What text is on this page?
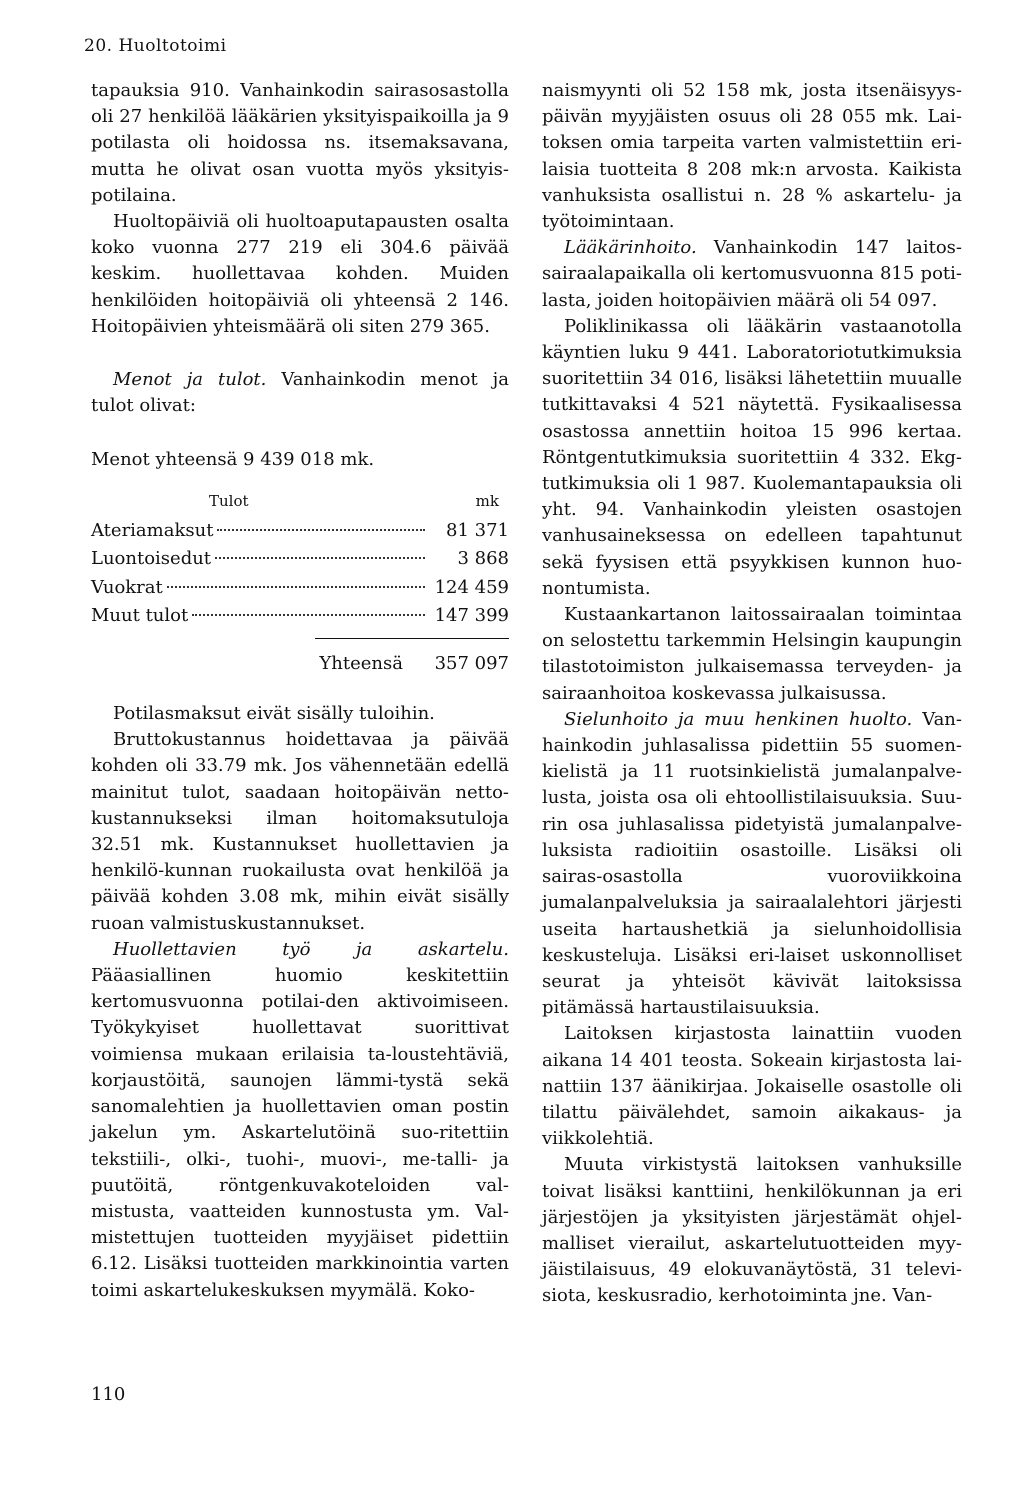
20. Huoltotoimi

tapauksia 910. Vanhainkodin sairasosastolla oli 27 henkilöä lääkärien yksityispaikoilla ja 9 potilasta oli hoidossa ns. itsemaksavana, mutta he olivat osan vuotta myös yksityis-potilaina.

Huoltopäiviä oli huoltoaputapausten osalta koko vuonna 277 219 eli 304.6 päivää keskim. huollettavaa kohden. Muiden henkilöiden hoitopäiviä oli yhteensä 2 146. Hoitopäivien yhteismäärä oli siten 279 365.

Menot ja tulot. Vanhainkodin menot ja tulot olivat:

Menot yhteensä 9 439 018 mk.

Tulot	mk
Ateriamaksut	81 371
Luontoisedut	3 868
Vuokrat	124 459
Muut tulot	147 399
Yhteensä	357 097

Potilasmaksut eivät sisälly tuloihin.

Bruttokustannus hoidettavaa ja päivää kohden oli 33.79 mk. Jos vähennetään edellä mainitut tulot, saadaan hoitopäivän netto-kustannukseksi ilman hoitomaksutuloja 32.51 mk. Kustannukset huollettavien ja henkilö-kunnan ruokailusta ovat henkilöä ja päivää kohden 3.08 mk, mihin eivät sisälly ruoan valmistuskustannukset.

Huollettavien työ ja askartelu. Pääasiallinen huomio keskitettiin kertomusvuonna potilai-den aktivoimiseen. Työkykyiset huollettavat suorittivat voimiensa mukaan erilaisia ta-loustehtäviä, korjaustöitä, saunojen lämmi-tystä sekä sanomalehtien ja huollettavien oman postin jakelun ym. Askartelutöinä suo-ritettiin tekstiili-, olki-, tuohi-, muovi-, me-talli- ja puutöitä, röntgenkuvakoteloiden val-mistusta, vaatteiden kunnostusta ym. Val-mistettujen tuotteiden myyjäiset pidettiin 6.12. Lisäksi tuotteiden markkinointia varten toimi askartelukeskuksen myymälä. Koko-

naismyynti oli 52 158 mk, josta itsenäisyys-päivän myyjäisten osuus oli 28 055 mk. Lai-toksen omia tarpeita varten valmistettiin eri-laisia tuotteita 8 208 mk:n arvosta. Kaikista vanhuksista osallistui n. 28 % askartelu- ja työtoimintaan.

Lääkärinhoito. Vanhainkodin 147 laitos-sairaalapaikalla oli kertomusvuonna 815 poti-lasta, joiden hoitopäivien määrä oli 54 097.

Poliklinikassa oli lääkärin vastaanotolla käyntien luku 9 441. Laboratoriotutkimuksia suoritettiin 34 016, lisäksi lähetettiin muualle tutkittavaksi 4 521 näytettä. Fysikaalisessa osastossa annettiin hoitoa 15 996 kertaa. Röntgentutkimuksia suoritettiin 4 332. Ekg-tutkimuksia oli 1 987. Kuolemantapauksia oli yht. 94. Vanhainkodin yleisten osastojen vanhusaineksessa on edelleen tapahtunut sekä fyysisen että psyykkisen kunnon huo-nontumista.

Kustaankartanon laitossairaalan toimintaa on selostettu tarkemmin Helsingin kaupungin tilastotoimiston julkaisemassa terveyden- ja sairaanhoitoa koskevassa julkaisussa.

Sielunhoito ja muu henkinen huolto. Van-hainkodin juhlasalissa pidettiin 55 suomen-kielistä ja 11 ruotsinkielistä jumalanpalve-lusta, joista osa oli ehtoollistilaisuuksia. Suu-rin osa juhlasalissa pidetyistä jumalanpalve-luksista radioitiin osastoille. Lisäksi oli sairas-osastolla vuoroviikkoina jumalanpalveluksia ja sairaalalehtori järjesti useita hartaushetkiä ja sielunhoidollisia keskusteluja. Lisäksi eri-laiset uskonnolliset seurat ja yhteisöt kävivät laitoksissa pitämässä hartaustilaisuuksia.

Laitoksen kirjastosta lainattiin vuoden aikana 14 401 teosta. Sokeain kirjastosta lai-nattiin 137 äänikirjaa. Jokaiselle osastolle oli tilattu päivälehdet, samoin aikakaus- ja viikkolehtiä.

Muuta virkistystä laitoksen vanhuksille toivat lisäksi kanttiini, henkilökunnan ja eri järjestöjen ja yksityisten järjestämät ohjel-malliset vierailut, askartelutuotteiden myy-jäistilaisuus, 49 elokuvanäytöstä, 31 televi-siota, keskusradio, kerhotoiminta jne. Van-

110
